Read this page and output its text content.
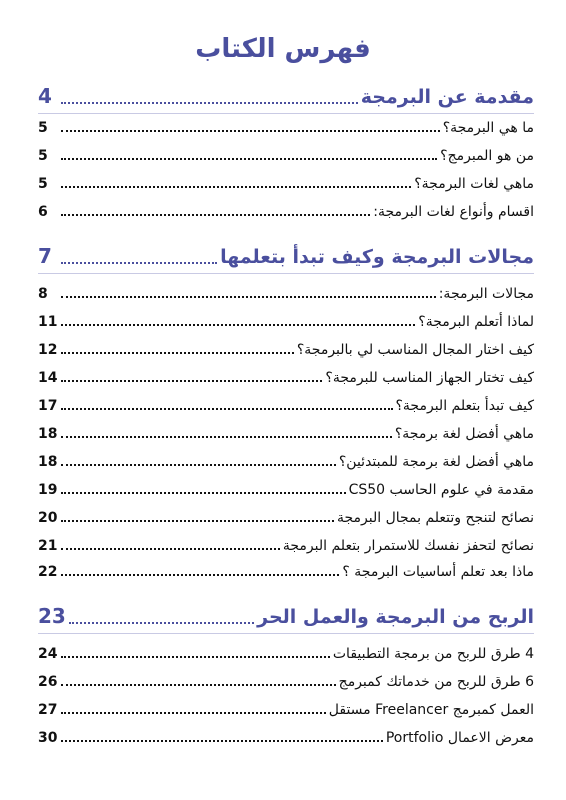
فهرس الكتاب
مقدمة عن البرمجة
4
ما هي البرمجة؟
5
من هو المبرمج؟
5
ماهي لغات البرمجة؟
5
اقسام وأنواع لغات البرمجة:
6
مجالات البرمجة وكيف تبدأ بتعلمها
7
مجالات البرمجة:
8
لماذا أتعلم البرمجة؟
11
كيف اختار المجال المناسب لي بالبرمجة؟
12
كيف تختار الجهاز المناسب للبرمجة؟
14
كيف تبدأ بتعلم البرمجة؟
17
ماهي أفضل لغة برمجة؟
18
ماهي أفضل لغة برمجة للمبتدئين؟
18
مقدمة في علوم الحاسب CS50
19
نصائح لتنجح وتتعلم بمجال البرمجة
20
نصائح لتحفز نفسك للاستمرار بتعلم البرمجة
21
ماذا بعد تعلم أساسيات البرمجة ؟
22
الربح من البرمجة والعمل الحر
23
4 طرق للربح من برمجة التطبيقات
24
6 طرق للربح من خدماتك كمبرمج
26
العمل كمبرمج Freelancer مستقل
27
معرض الاعمال Portfolio
30
